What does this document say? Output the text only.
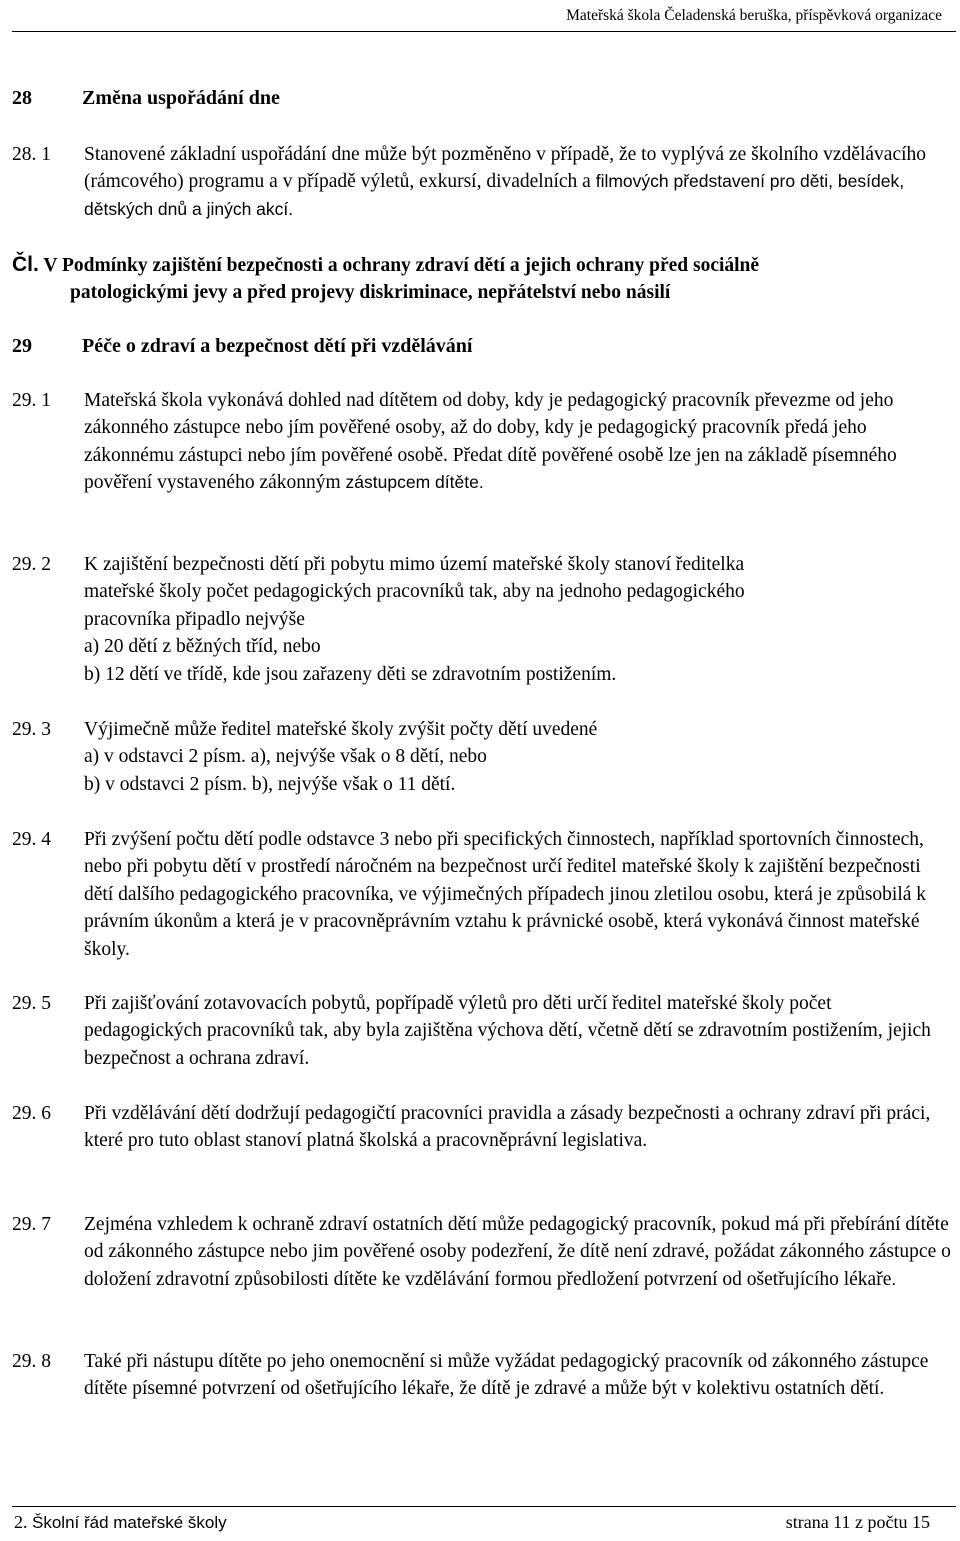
Mateřská škola Čeladenská beruška, příspěvková organizace
28	Změna uspořádání dne
28. 1	Stanovené základní uspořádání dne může být pozměněno v případě, že to vyplývá ze školního vzdělávacího (rámcového) programu a v případě výletů, exkursí, divadelních a filmových představení pro děti, besídek, dětských dnů a jiných akcí.
Čl. V Podmínky zajištění bezpečnosti a ochrany zdraví dětí a jejich ochrany před sociálně
patologickými jevy a před projevy diskriminace, nepřátelství nebo násilí
29	Péče o zdraví a bezpečnost dětí při vzdělávání
29. 1	Mateřská škola vykonává dohled nad dítětem od doby, kdy je pedagogický pracovník převezme od jeho zákonného zástupce nebo jím pověřené osoby, až do doby, kdy je pedagogický pracovník předá jeho zákonnému zástupci nebo jím pověřené osobě. Předat dítě pověřené osobě lze jen na základě písemného pověření vystaveného zákonným zástupcem dítěte.
29. 2	K zajištění bezpečnosti dětí při pobytu mimo území mateřské školy stanoví ředitelka
mateřské školy počet pedagogických pracovníků tak, aby na jednoho pedagogického
pracovníka připadlo nejvýše
a) 20 dětí z běžných tříd, nebo
b) 12 dětí ve třídě, kde jsou zařazeny děti se zdravotním postižením.
29. 3	Výjimečně může ředitel mateřské školy zvýšit počty dětí uvedené
a) v odstavci 2 písm. a), nejvýše však o 8 dětí, nebo
b) v odstavci 2 písm. b), nejvýše však o 11 dětí.
29. 4	Při zvýšení počtu dětí podle odstavce 3 nebo při specifických činnostech, například sportovních činnostech, nebo při pobytu dětí v prostředí náročném na bezpečnost určí ředitel mateřské školy k zajištění bezpečnosti dětí dalšího pedagogického pracovníka, ve výjimečných případech jinou zletilou osobu, která je způsobilá k právním úkonům a která je v pracovněprávním vztahu k právnické osobě, která vykonává činnost mateřské školy.
29. 5	Při zajišťování zotavovacích pobytů, popřípadě výletů pro děti určí ředitel mateřské školy počet pedagogických pracovníků tak, aby byla zajištěna výchova dětí, včetně dětí se zdravotním postižením, jejich bezpečnost a ochrana zdraví.
29. 6	Při vzdělávání dětí dodržují pedagogičtí pracovníci pravidla a zásady bezpečnosti a ochrany zdraví při práci, které pro tuto oblast stanoví platná školská a pracovněprávní legislativa.
29. 7	Zejména vzhledem k ochraně zdraví ostatních dětí může pedagogický pracovník, pokud má při přebírání dítěte od zákonného zástupce nebo jim pověřené osoby podezření, že dítě není zdravé, požádat zákonného zástupce o doložení zdravotní způsobilosti dítěte ke vzdělávání formou předložení potvrzení od ošetřujícího lékaře.
29. 8	Také při nástupu dítěte po jeho onemocnění si může vyžádat pedagogický pracovník od zákonného zástupce dítěte písemné potvrzení od ošetřujícího lékaře, že dítě je zdravé a může být v kolektivu ostatních dětí.
2. Školní řád mateřské školy	strana 11 z počtu 15
